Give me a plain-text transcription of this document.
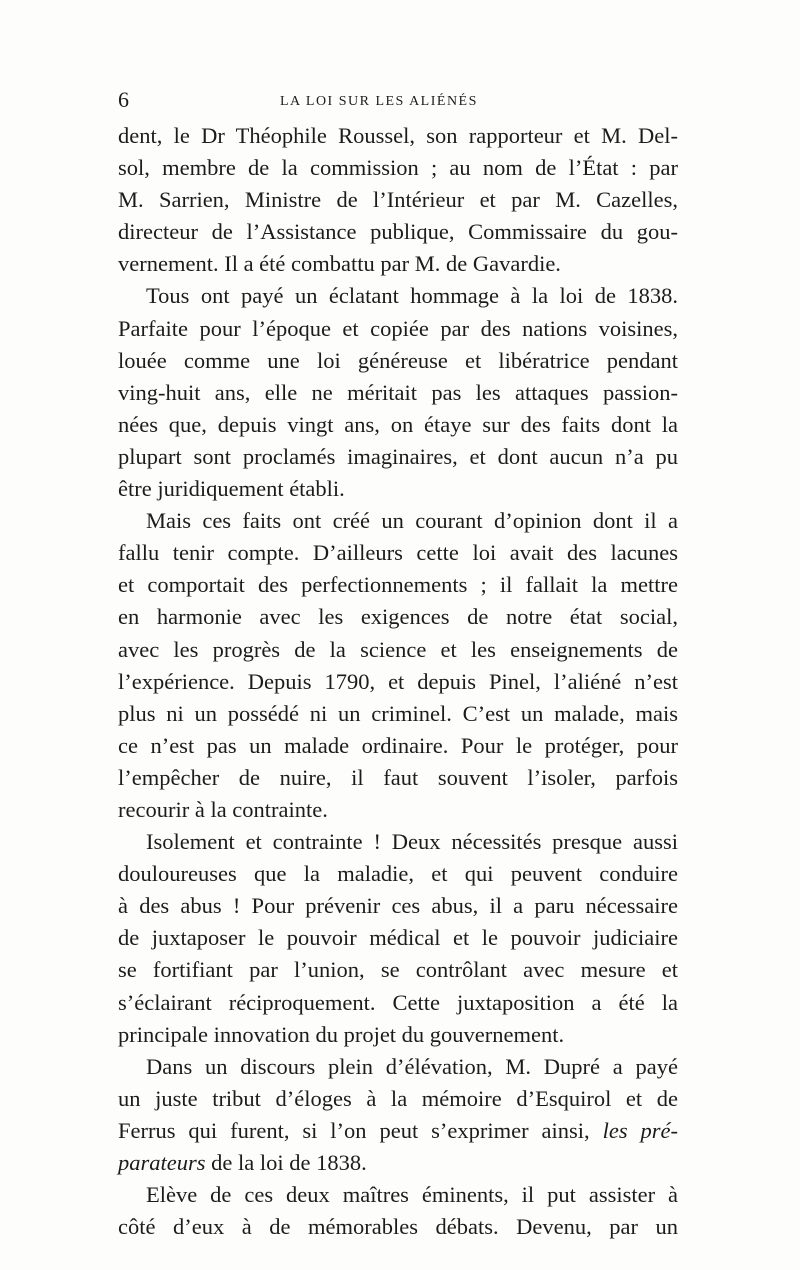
6	LA LOI SUR LES ALIÉNÉS
dent, le Dr Théophile Roussel, son rapporteur et M. Del-
sol, membre de la commission ; au nom de l’État : par
M. Sarrien, Ministre de l’Intérieur et par M. Cazelles,
directeur de l’Assistance publique, Commissaire du gou-
vernement. Il a été combattu par M. de Gavardie.
Tous ont payé un éclatant hommage à la loi de 1838.
Parfaite pour l’époque et copiée par des nations voisines,
louée comme une loi généreuse et libératrice pendant
ving-huit ans, elle ne méritait pas les attaques passion-
nées que, depuis vingt ans, on étaye sur des faits dont la
plupart sont proclamés imaginaires, et dont aucun n’a pu
être juridiquement établi.
Mais ces faits ont créé un courant d’opinion dont il a
fallu tenir compte. D’ailleurs cette loi avait des lacunes
et comportait des perfectionnements ; il fallait la mettre
en harmonie avec les exigences de notre état social,
avec les progrès de la science et les enseignements de
l’expérience. Depuis 1790, et depuis Pinel, l’aliéné n’est
plus ni un possédé ni un criminel. C’est un malade, mais
ce n’est pas un malade ordinaire. Pour le protéger, pour
l’empêcher de nuire, il faut souvent l’isoler, parfois
recourir à la contrainte.
Isolement et contrainte ! Deux nécessités presque aussi
douloureuses que la maladie, et qui peuvent conduire
à des abus ! Pour prévenir ces abus, il a paru nécessaire
de juxtaposer le pouvoir médical et le pouvoir judiciaire
se fortifiant par l’union, se contrôlant avec mesure et
s’éclairant réciproquement. Cette juxtaposition a été la
principale innovation du projet du gouvernement.
Dans un discours plein d’élévation, M. Dupré a payé
un juste tribut d’éloges à la mémoire d’Esquirol et de
Ferrus qui furent, si l’on peut s’exprimer ainsi, les pré-
parateurs de la loi de 1838.
Elève de ces deux maîtres éminents, il put assister à
côté d’eux à de mémorables débats. Devenu, par un
